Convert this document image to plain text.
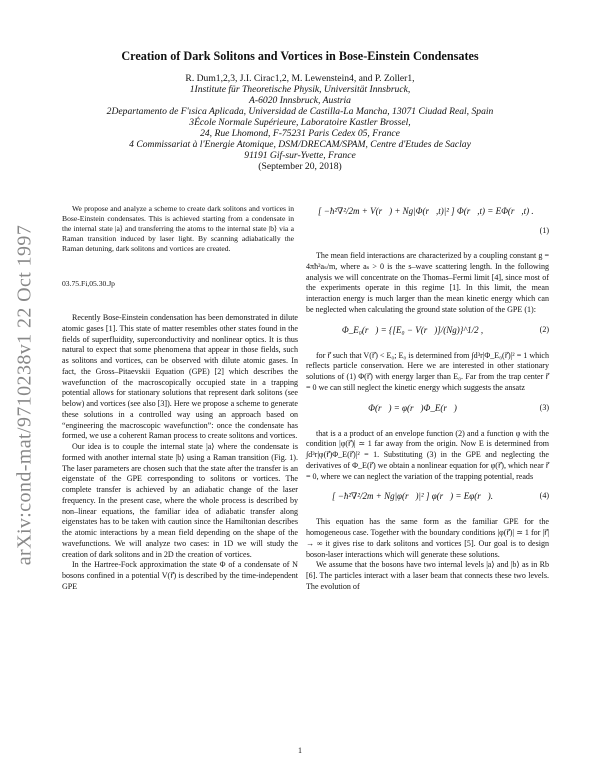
arXiv:cond-mat/9710238v1 22 Oct 1997
Creation of Dark Solitons and Vortices in Bose-Einstein Condensates
R. Dum1,2,3, J.I. Cirac1,2, M. Lewenstein4, and P. Zoller1,
1Institute für Theoretische Physik, Universität Innsbruck,
A-6020 Innsbruck, Austria
2Departamento de F'ısica Aplicada, Universidad de Castilla-La Mancha, 13071 Ciudad Real, Spain
3École Normale Supérieure, Laboratoire Kastler Brossel,
24, Rue Lhomond, F-75231 Paris Cedex 05, France
4 Commissariat à l'Energie Atomique, DSM/DRECAM/SPAM, Centre d'Etudes de Saclay
91191 Gif-sur-Yvette, France
(September 20, 2018)
We propose and analyze a scheme to create dark solitons and vortices in Bose-Einstein condensates. This is achieved starting from a condensate in the internal state |a⟩ and transferring the atoms to the internal state |b⟩ via a Raman transition induced by laser light. By scanning adiabatically the Raman detuning, dark solitons and vortices are created.
03.75.Fi,05.30.Jp

Recently Bose-Einstein condensation has been demonstrated in dilute atomic gases [1]. This state of matter resembles other states found in the fields of superfluidity, superconductivity and nonlinear optics. It is thus natural to expect that some phenomena that appear in those fields, such as solitons and vortices, can be observed with dilute atomic gases. In fact, the Gross–Pitaevskii Equation (GPE) [2] which describes the wavefunction of the macroscopically occupied state in a trapping potential allows for stationary solutions that represent dark solitons (see below) and vortices (see also [3]). Here we propose a scheme to generate these solutions in a controlled way using an approach based on “engineering the macroscopic wavefunction”: once the condensate has formed, we use a coherent Raman process to create solitons and vortices.

Our idea is to couple the internal state |a⟩ where the condensate is formed with another internal state |b⟩ using a Raman transition (Fig. 1). The laser parameters are chosen such that the state after the transfer is an eigenstate of the GPE corresponding to solitons or vortices. The complete transfer is achieved by an adiabatic change of the laser frequency. In the present case, where the whole process is described by non–linear equations, the familiar idea of adiabatic transfer along eigenstates has to be taken with caution since the Hamiltonian describes the atomic interactions by a mean field depending on the shape of the wavefunctions. We will analyze two cases: in 1D we will study the creation of dark solitons and in 2D the creation of vortices.

In the Hartree-Fock approximation the state Φ of a condensate of N bosons confined in a potential V(r⃗) is described by the time-independent GPE

[ −ħ²∇²/2m + V(r⃗) + Ng|Φ(r⃗,t)|² ] Φ(r⃗,t) = EΦ(r⃗,t) .
(1)

The mean field interactions are characterized by a coupling constant g = 4πħ²aₛ/m, where aₛ > 0 is the s–wave scattering length. In the following analysis we will concentrate on the Thomas–Fermi limit [4], since most of the experiments operate in this regime [1]. In this limit, the mean interaction energy is much larger than the mean kinetic energy which can be neglected when calculating the ground state solution of the GPE (1):

Φ_E₀(r⃗) = {[E₀ − V(r⃗)]/(Ng)}^1/2 ,	(2)

for r⃗ such that V(r⃗) < E₀; E₀ is determined from ∫d³r|Φ_E₀(r⃗)|² = 1 which reflects particle conservation. Here we are interested in other stationary solutions of (1) Φ(r⃗) with energy larger than E₀. Far from the trap center r⃗ = 0 we can still neglect the kinetic energy which suggests the ansatz

Φ(r⃗) = φ(r⃗)Φ_E(r⃗)	(3)

that is a a product of an envelope function (2) and a function φ with the condition |φ(r⃗)| ≃ 1 far away from the origin. Now E is determined from ∫d³r|φ(r⃗)Φ_E(r⃗)|² = 1. Substituting (3) in the GPE and neglecting the derivatives of Φ_E(r⃗) we obtain a nonlinear equation for φ(r⃗), which near r⃗ = 0, where we can neglect the variation of the trapping potential, reads

[ −ħ²∇²/2m + Ng|φ(r⃗)|² ] φ(r⃗) = Eφ(r⃗).	(4)

This equation has the same form as the familiar GPE for the homogeneous case. Together with the boundary conditions |φ(r⃗)| ≃ 1 for |r⃗| → ∞ it gives rise to dark solitons and vortices [5]. Our goal is to design boson-laser interactions which will generate these solutions.

We assume that the bosons have two internal levels |a⟩ and |b⟩ as in Rb [6]. The particles interact with a laser beam that connects these two levels. The evolution of

1
